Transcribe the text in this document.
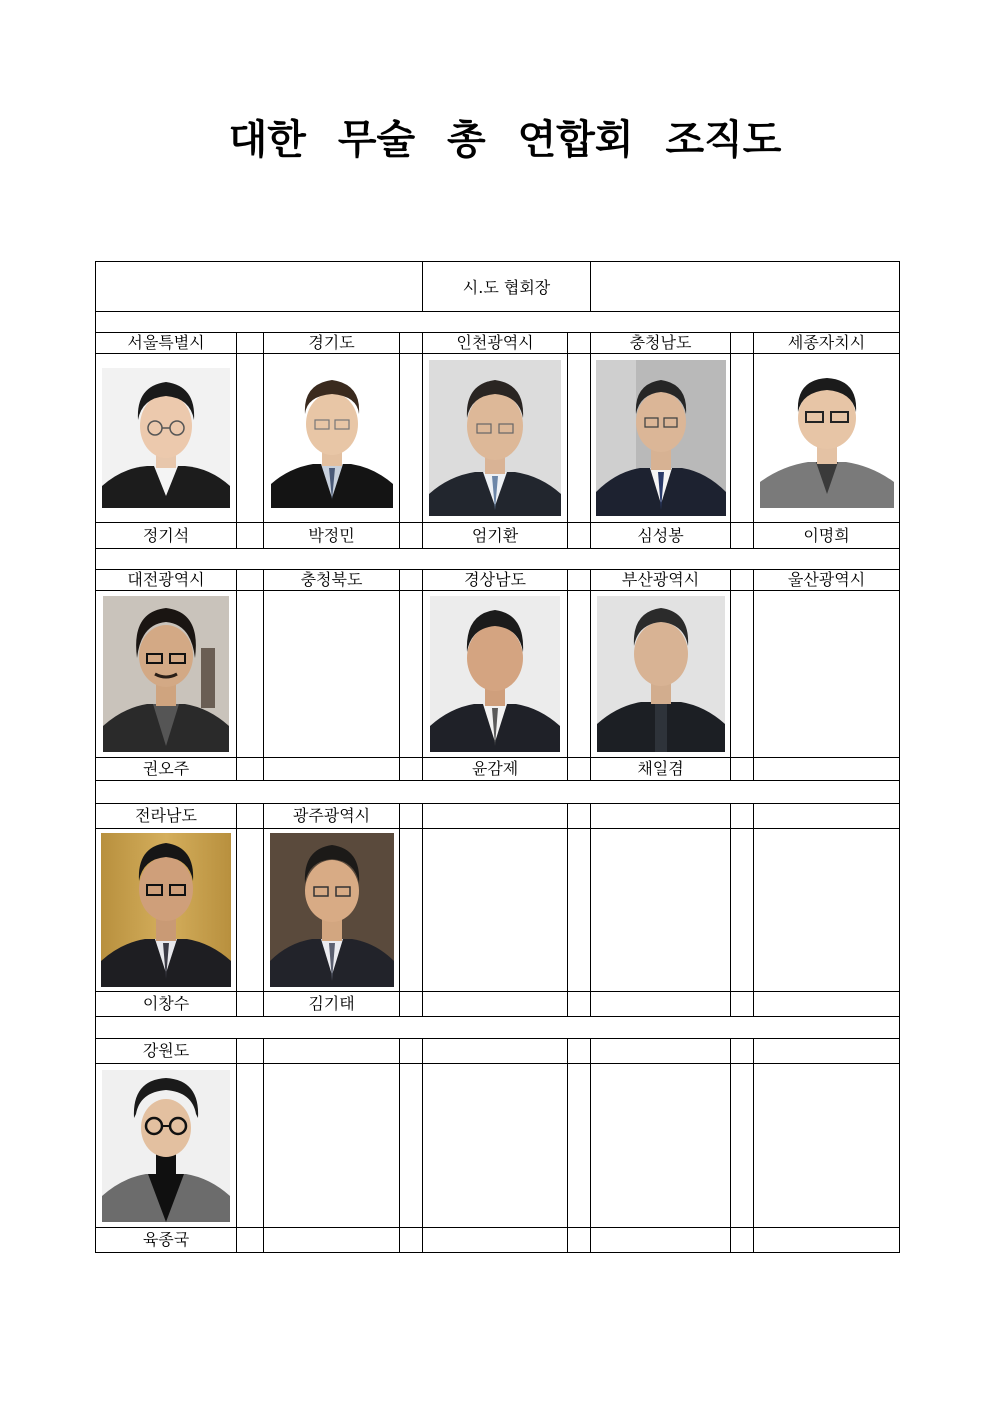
대한 무술 총 연합회 조직도
				시.도 협회장				

서울특별시		경기도		인천광역시		충청남도		세종자치시

정기석		박정민		엄기환		심성봉		이명희

대전광역시		충청북도		경상남도		부산광역시		울산광역시

권오주				윤감제		채일겸		

전라남도		광주광역시						

이창수		김기태						

강원도								

육종국								
